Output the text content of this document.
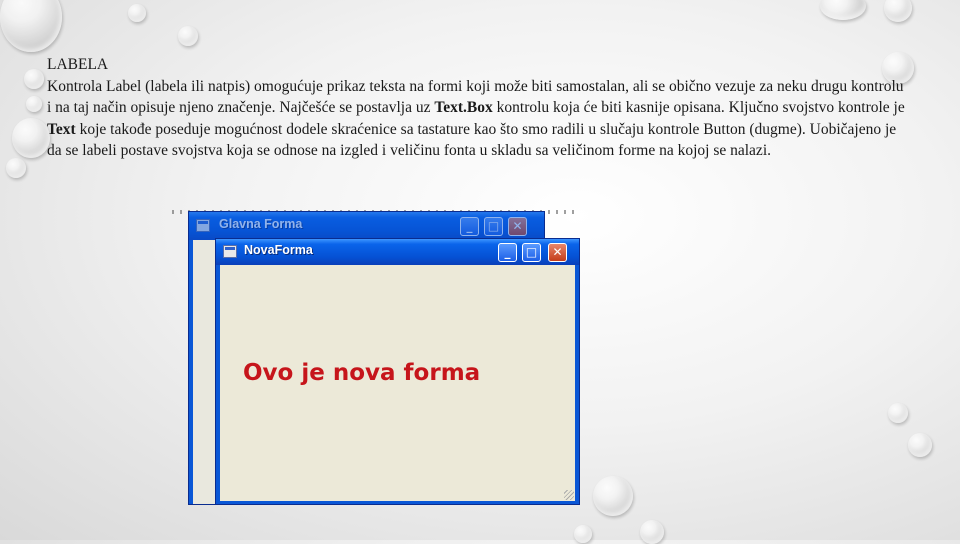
LABELA

Kontrola Label (labela ili natpis) omogućuje prikaz teksta na formi koji može biti samostalan, ali se obično vezuje za neku drugu kontrolu i na taj način opisuje njeno značenje. Najčešće se postavlja uz Text.Box kontrolu koja će biti kasnije opisana. Ključno svojstvo kontrole je Text koje takođe poseduje mogućnost dodele skraćenice sa tastature kao što smo radili u slučaju kontrole Button (dugme). Uobičajeno je da se labeli postave svojstva koja se odnose na izgled i veličinu fonta u skladu sa veličinom forme na kojoj se nalazi.

Glavna Forma	_	□	✕
NovaForma	_	□	✕
Ovo je nova forma
